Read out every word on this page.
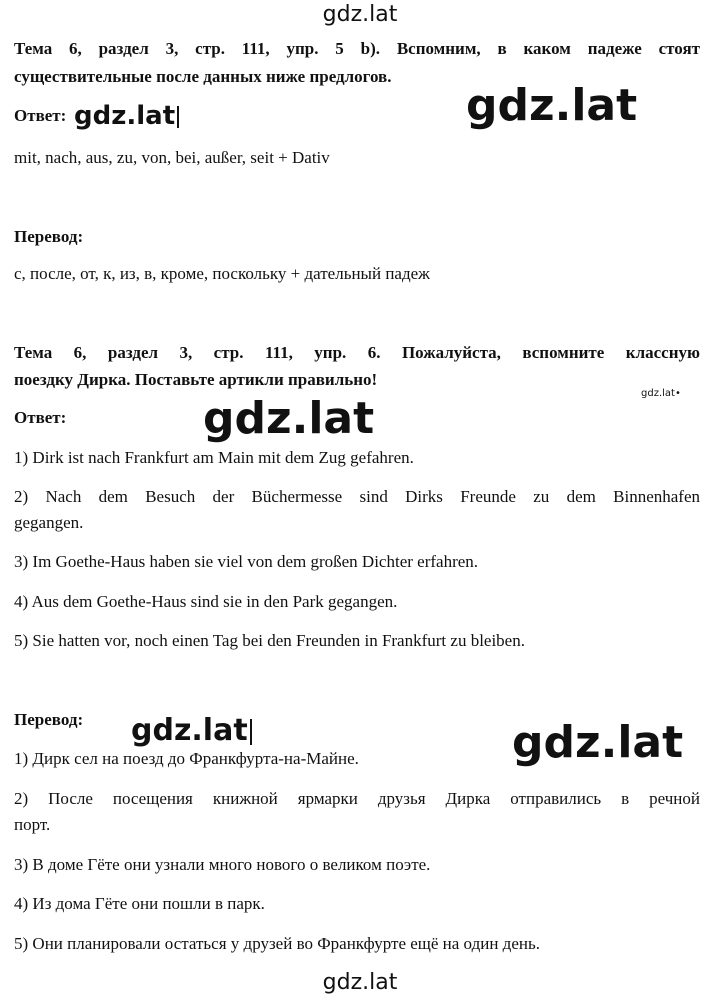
Тема 6, раздел 3, стр. 111, упр. 5 b). Вспомним, в каком падеже стоят
существительные после данных ниже предлогов.
Ответ:
mit, nach, aus, zu, von, bei, außer, seit + Dativ
Перевод:
с, после, от, к, из, в, кроме, поскольку + дательный падеж
Тема 6, раздел 3, стр. 111, упр. 6. Пожалуйста, вспомните классную
поездку Дирка. Поставьте артикли правильно!
Ответ:
1) Dirk ist nach Frankfurt am Main mit dem Zug gefahren.
2) Nach dem Besuch der Büchermesse sind Dirks Freunde zu dem Binnenhafen
gegangen.
3) Im Goethe-Haus haben sie viel von dem großen Dichter erfahren.
4) Aus dem Goethe-Haus sind sie in den Park gegangen.
5) Sie hatten vor, noch einen Tag bei den Freunden in Frankfurt zu bleiben.
Перевод:
1) Дирк сел на поезд до Франкфурта-на-Майне.
2) После посещения книжной ярмарки друзья Дирка отправились в речной
порт.
3) В доме Гёте они узнали много нового о великом поэте.
4) Из дома Гёте они пошли в парк.
5) Они планировали остаться у друзей во Франкфурте ещё на один день.
gdz.lat
gdz.lat	gdz.lat
gdz.lat	gdz.lat•
gdz.lat	gdz.lat
gdz.lat
